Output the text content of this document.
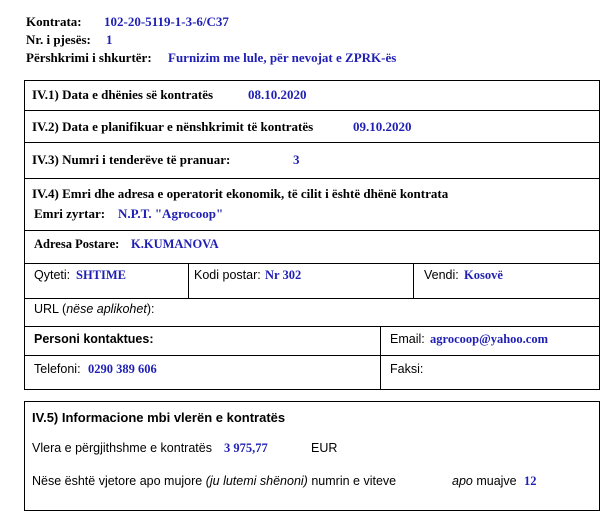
Kontrata: 102-20-5119-1-3-6/C37
Nr. i pjesës: 1
Përshkrimi i shkurtër: Furnizim me lule, për nevojat e ZPRK-ës
IV.1) Data e dhënies së kontratës	08.10.2020
IV.2) Data e planifikuar e nënshkrimit të kontratës	09.10.2020
IV.3) Numri i tenderëve të pranuar:	3
IV.4) Emri dhe adresa e operatorit ekonomik, të cilit i është dhënë kontrata
Emri zyrtar: N.P.T. "Agrocoop"
Adresa Postare: K.KUMANOVA
Qyteti: SHTIME	Kodi postar: Nr 302	Vendi: Kosovë
URL (nëse aplikohet):
Personi kontaktues:	Email: agrocoop@yahoo.com
Telefoni: 0290 389 606	Faksi:
IV.5) Informacione mbi vlerën e kontratës
Vlera e përgjithshme e kontratës 3 975,77	EUR
Nëse është vjetore apo mujore (ju lutemi shënoni) numrin e viteve	apo muajve 12
